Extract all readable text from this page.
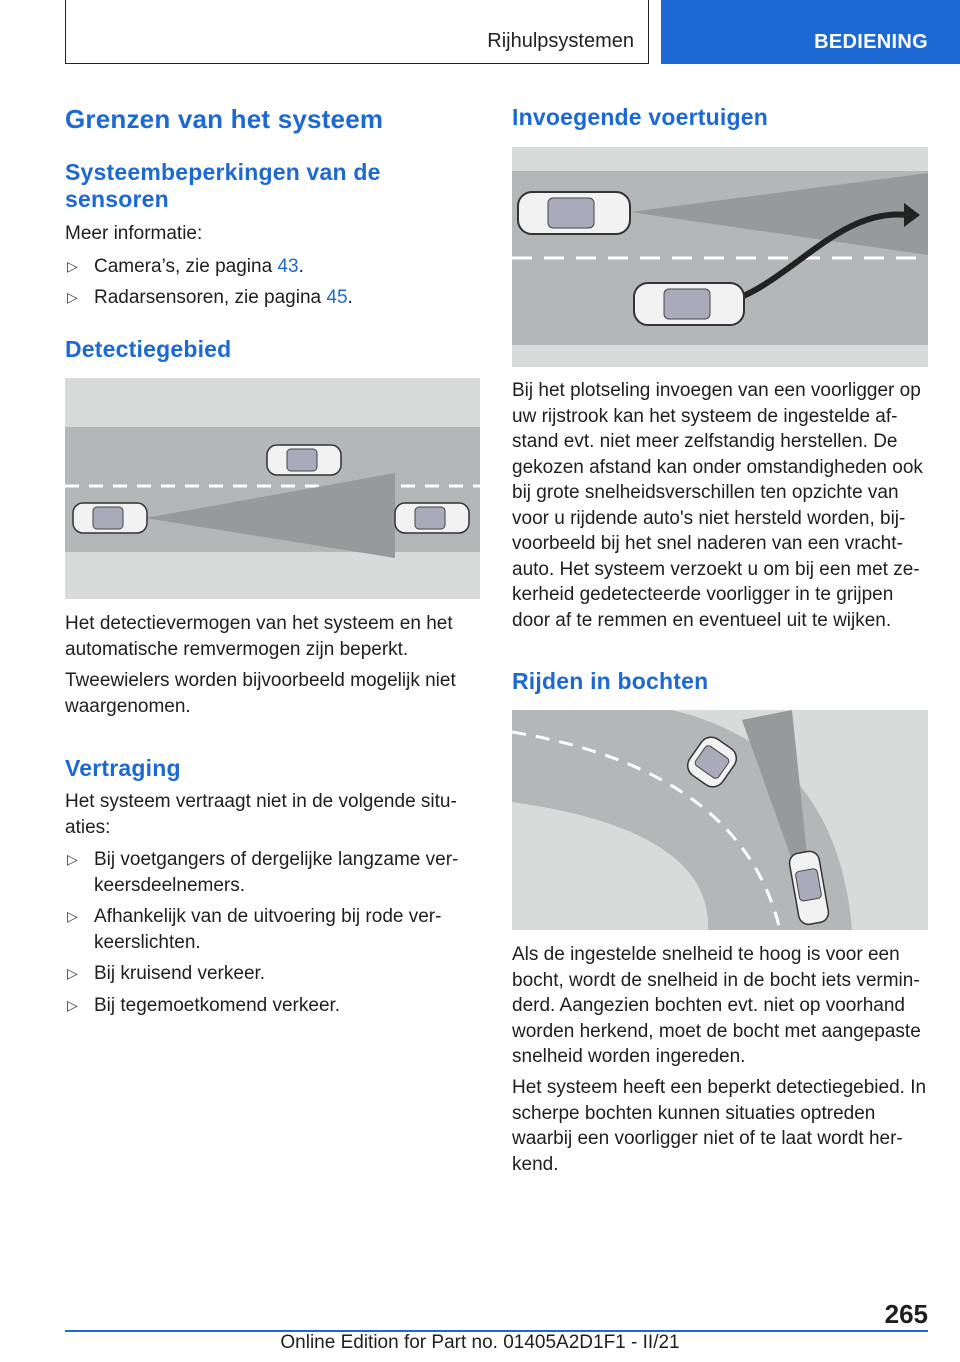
Rijhulpsystemen	BEDIENING
Grenzen van het systeem
Systeembeperkingen van de sensoren

Meer informatie:

▷ Camera’s, zie pagina 43.
▷ Radarsensoren, zie pagina 45.
Detectiegebied

Het detectievermogen van het systeem en het automatische remvermogen zijn beperkt.

Tweewielers worden bijvoorbeeld mogelijk niet waargenomen.

Vertraging

Het systeem vertraagt niet in de volgende situ‐aties:

▷ Bij voetgangers of dergelijke langzame ver‐keersdeelnemers.
▷ Afhankelijk van de uitvoering bij rode ver‐keerslichten.
▷ Bij kruisend verkeer.
▷ Bij tegemoetkomend verkeer.
Invoegende voertuigen

Bij het plotseling invoegen van een voorligger op uw rijstrook kan het systeem de ingestelde af‐stand evt. niet meer zelfstandig herstellen. De gekozen afstand kan onder omstandigheden ook bij grote snelheidsverschillen ten opzichte van voor u rijdende auto's niet hersteld worden, bij‐voorbeeld bij het snel naderen van een vracht‐auto. Het systeem verzoekt u om bij een met ze‐kerheid gedetecteerde voorligger in te grijpen door af te remmen en eventueel uit te wijken.

Rijden in bochten

Als de ingestelde snelheid te hoog is voor een bocht, wordt de snelheid in de bocht iets vermin‐derd. Aangezien bochten evt. niet op voorhand worden herkend, moet de bocht met aangepaste snelheid worden ingereden.

Het systeem heeft een beperkt detectiegebied. In scherpe bochten kunnen situaties optreden waarbij een voorligger niet of te laat wordt her‐kend.

265
Online Edition for Part no. 01405A2D1F1 - II/21
